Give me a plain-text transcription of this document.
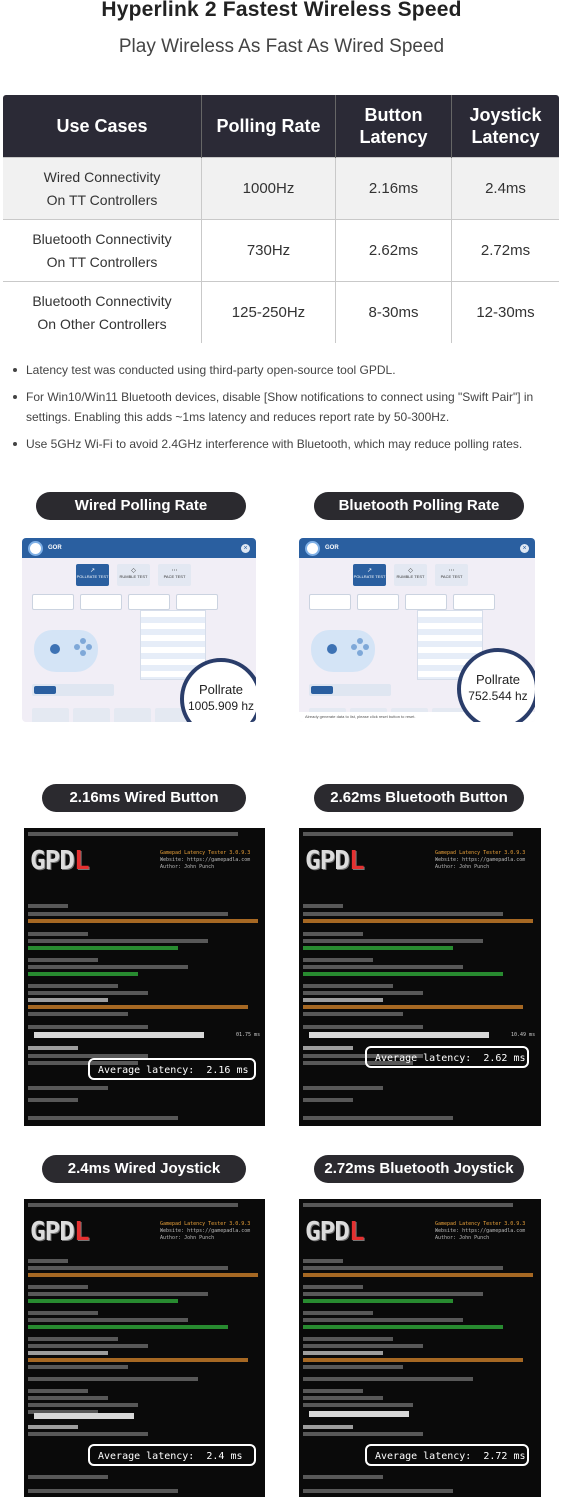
Hyperlink 2 Fastest Wireless Speed
Play Wireless As Fast As Wired Speed
Use Cases	Polling Rate	Button Latency	Joystick Latency
Wired Connectivity
On TT Controllers	1000Hz	2.16ms	2.4ms
Bluetooth Connectivity
On TT Controllers	730Hz	2.62ms	2.72ms
Bluetooth Connectivity
On Other Controllers	125-250Hz	8-30ms	12-30ms
Latency test was conducted using third-party open-source tool GPDL.
For Win10/Win11 Bluetooth devices, disable [Show notifications to connect using "Swift Pair"] in settings. Enabling this adds ~1ms latency and reduces report rate by 50-300Hz.
Use 5GHz Wi-Fi to avoid 2.4GHz interference with Bluetooth, which may reduce polling rates.
Wired Polling Rate	Bluetooth Polling Rate
GOR	×
↗
POLLRATE TEST
◇
RUMBLE TEST
⋯
PACE TEST
Pollrate
1005.909 hz
GOR	×
↗
POLLRATE TEST
◇
RUMBLE TEST
⋯
PACE TEST
Already generate data to list, please click reset button to reset.
Pollrate
752.544 hz
2.16ms Wired Button	2.62ms Bluetooth Button
GPDL	Gamepad Latency Tester 3.0.9.3
Website: https://gamepadla.com
Author: John Punch
01.75 ms
Average latency: 2.16 ms
GPDL	Gamepad Latency Tester 3.0.9.3
Website: https://gamepadla.com
Author: John Punch
10.49 ms
Average latency: 2.62 ms
2.4ms Wired Joystick	2.72ms Bluetooth Joystick
GPDL	Gamepad Latency Tester 3.0.9.3
Website: https://gamepadla.com
Author: John Punch
Average latency: 2.4 ms
GPDL	Gamepad Latency Tester 3.0.9.3
Website: https://gamepadla.com
Author: John Punch
Average latency: 2.72 ms
